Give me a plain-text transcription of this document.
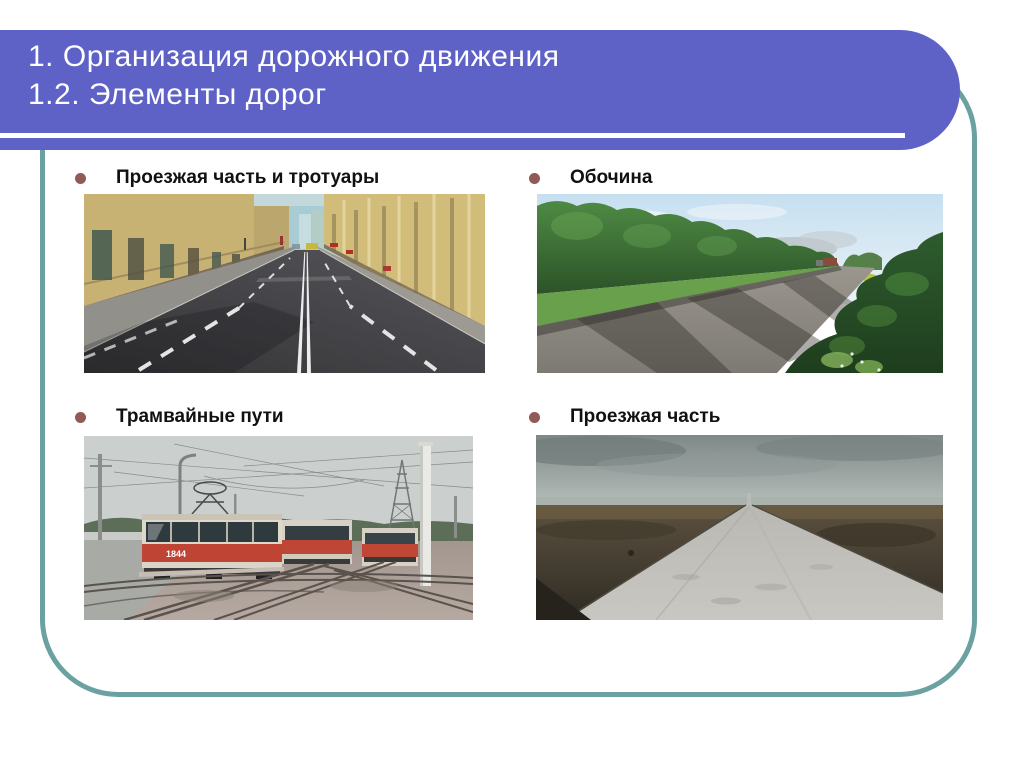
1. Организация дорожного движения
1.2. Элементы дорог
Проезжая часть и тротуары	Обочина
Трамвайные пути	Проезжая часть
1844
